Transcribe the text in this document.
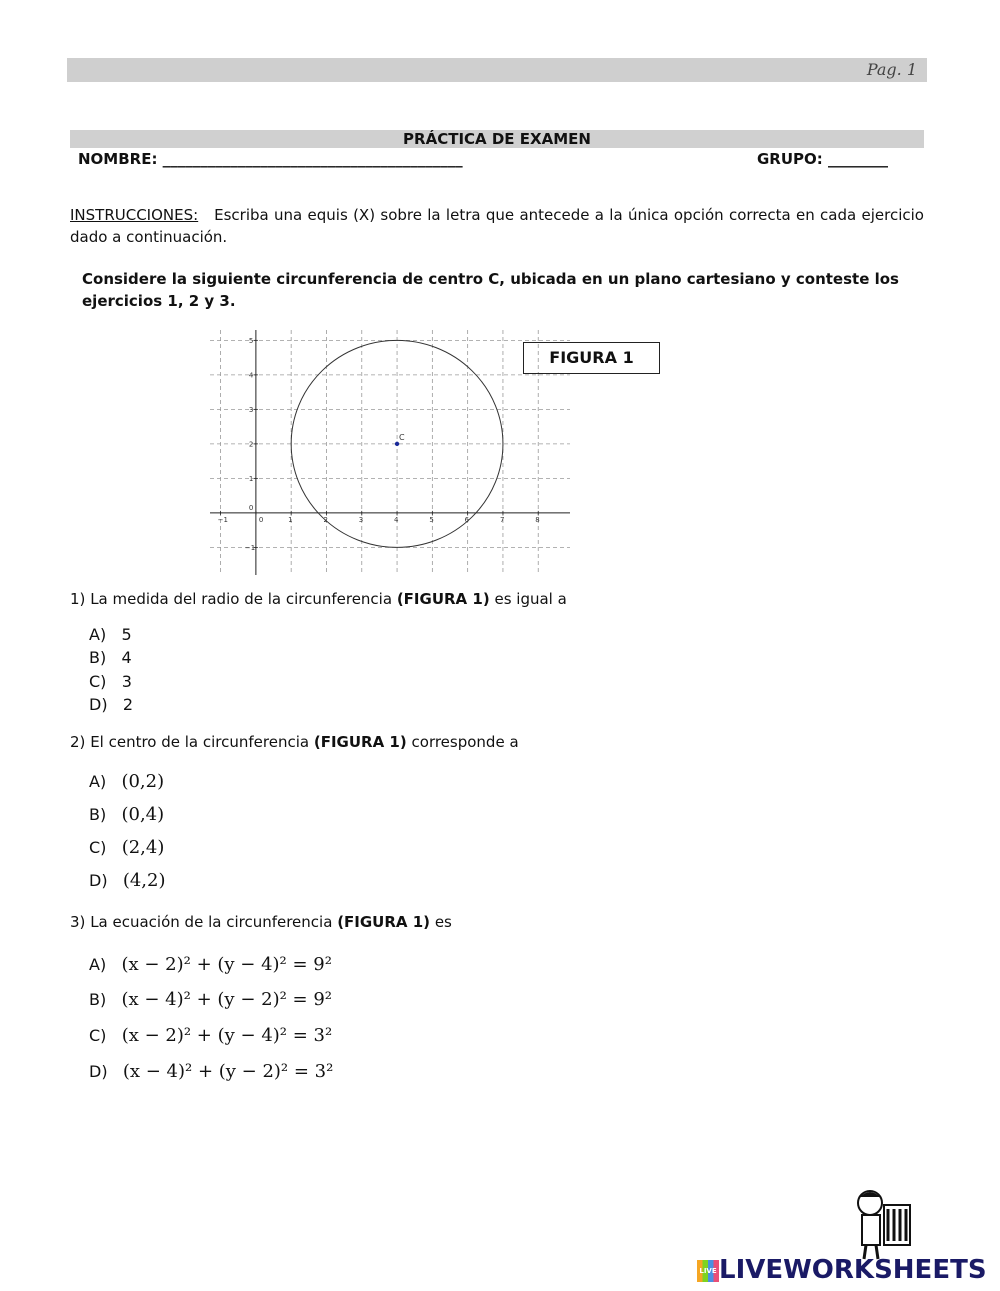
Pag. 1
PRÁCTICA DE EXAMEN
NOMBRE: ________________________________________	GRUPO: ________
INSTRUCCIONES: Escriba una equis (X) sobre la letra que antecede a la única opción correcta en cada ejercicio dado a continuación.
Considere la siguiente circunferencia de centro C, ubicada en un plano cartesiano y conteste los ejercicios 1, 2 y 3.
−1	0	1	2	3	4	5	6	7	8
5
4
3
2
1
0
−1
C
FIGURA 1
1) La medida del radio de la circunferencia (FIGURA 1) es igual a
A) 5
B) 4
C) 3
D) 2
2) El centro de la circunferencia (FIGURA 1) corresponde a
A) (0,2)
B) (0,4)
C) (2,4)
D) (4,2)
3) La ecuación de la circunferencia (FIGURA 1) es
A) (x − 2)² + (y − 4)² = 9²
B) (x − 4)² + (y − 2)² = 9²
C) (x − 2)² + (y − 4)² = 3²
D) (x − 4)² + (y − 2)² = 3²
LIVELIVEWORKSHEETS
